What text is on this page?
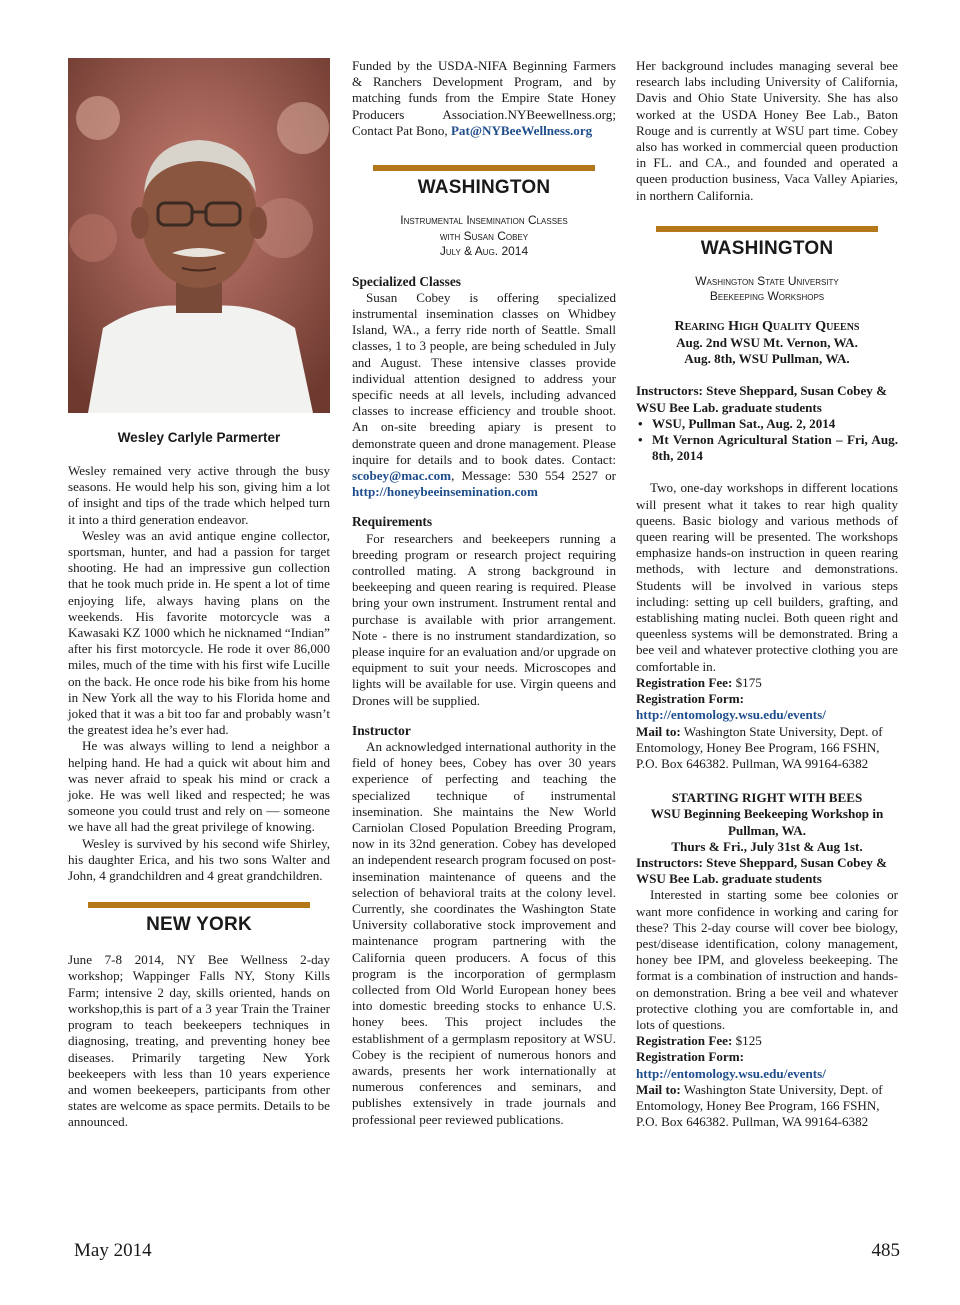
Wesley Carlyle Parmerter

Wesley remained very active through the busy seasons. He would help his son, giving him a lot of insight and tips of the trade which helped turn it into a third generation endeavor.

Wesley was an avid antique engine collector, sportsman, hunter, and had a passion for target shooting. He had an impressive gun collection that he took much pride in. He spent a lot of time enjoying life, always having plans on the weekends. His favorite motorcycle was a Kawasaki KZ 1000 which he nicknamed “Indian” after his first motorcycle. He rode it over 86,000 miles, much of the time with his first wife Lucille on the back. He once rode his bike from his home in New York all the way to his Florida home and joked that it was a bit too far and probably wasn’t the greatest idea he’s ever had.

He was always willing to lend a neighbor a helping hand. He had a quick wit about him and was never afraid to speak his mind or crack a joke. He was well liked and respected; he was someone you could trust and rely on — someone we have all had the great privilege of knowing.

Wesley is survived by his second wife Shirley, his daughter Erica, and his two sons Walter and John, 4 grandchildren and 4 great grandchildren.

NEW YORK

June 7-8 2014, NY Bee Wellness 2-day workshop; Wappinger Falls NY, Stony Kills Farm; intensive 2 day, skills oriented, hands on workshop,this is part of a 3 year Train the Trainer program to teach beekeepers techniques in diagnosing, treating, and preventing honey bee diseases. Primarily targeting New York beekeepers with less than 10 years experience and women beekeepers, participants from other states are welcome as space permits. Details to be announced.

Funded by the USDA-NIFA Beginning Farmers & Ranchers Development Program, and by matching funds from the Empire State Honey Producers Association.NYBeewellness.org; Contact Pat Bono, Pat@NYBeeWellness.org

WASHINGTON
Instrumental Insemination Classes
with Susan Cobey
July & Aug. 2014
Specialized Classes

Susan Cobey is offering specialized instrumental insemination classes on Whidbey Island, WA., a ferry ride north of Seattle. Small classes, 1 to 3 people, are being scheduled in July and August. These intensive classes provide individual attention designed to address your specific needs at all levels, including advanced classes to increase efficiency and trouble shoot. An on-site breeding apiary is present to demonstrate queen and drone management. Please inquire for details and to book dates. Contact: scobey@mac.com, Message: 530 554 2527 or http://honeybeeinsemination.com

Requirements

For researchers and beekeepers running a breeding program or research project requiring controlled mating. A strong background in beekeeping and queen rearing is required. Please bring your own instrument. Instrument rental and purchase is available with prior arrangement. Note - there is no instrument standardization, so please inquire for an evaluation and/or upgrade on equipment to suit your needs. Microscopes and lights will be available for use. Virgin queens and Drones will be supplied.

Instructor

An acknowledged international authority in the field of honey bees, Cobey has over 30 years experience of perfecting and teaching the specialized technique of instrumental insemination. She maintains the New World Carniolan Closed Population Breeding Program, now in its 32nd generation. Cobey has developed an independent research program focused on post-insemination maintenance of queens and the selection of behavioral traits at the colony level. Currently, she coordinates the Washington State University collaborative stock improvement and maintenance program partnering with the California queen producers. A focus of this program is the incorporation of germplasm collected from Old World European honey bees into domestic breeding stocks to enhance U.S. honey bees. This project includes the establishment of a germplasm repository at WSU. Cobey is the recipient of numerous honors and awards, presents her work internationally at numerous conferences and seminars, and publishes extensively in trade journals and professional peer reviewed publications.

Her background includes managing several bee research labs including University of California, Davis and Ohio State University. She has also worked at the USDA Honey Bee Lab., Baton Rouge and is currently at WSU part time. Cobey also has worked in commercial queen production in FL. and CA., and founded and operated a queen production business, Vaca Valley Apiaries, in northern California.

WASHINGTON
Washington State University
Beekeeping Workshops
Rearing High Quality Queens
Aug. 2nd WSU Mt. Vernon, WA.
Aug. 8th, WSU Pullman, WA.

Instructors: Steve Sheppard, Susan Cobey & WSU Bee Lab. graduate students

• WSU, Pullman Sat., Aug. 2, 2014
• Mt Vernon Agricultural Station – Fri, Aug. 8th, 2014

Two, one-day workshops in different locations will present what it takes to rear high quality queens. Basic biology and various methods of queen rearing will be presented. The workshops emphasize hands-on instruction in queen rearing methods, with lecture and demonstrations. Students will be involved in various steps including: setting up cell builders, grafting, and establishing mating nuclei. Both queen right and queenless systems will be demonstrated. Bring a bee veil and whatever protective clothing you are comfortable in.

Registration Fee: $175

Registration Form: http://entomology.wsu.edu/events/

Mail to: Washington State University, Dept. of Entomology, Honey Bee Program, 166 FSHN, P.O. Box 646382. Pullman, WA 99164-6382

STARTING RIGHT WITH BEES
WSU Beginning Beekeeping Workshop in Pullman, WA.
Thurs & Fri., July 31st & Aug 1st.

Instructors: Steve Sheppard, Susan Cobey & WSU Bee Lab. graduate students

Interested in starting some bee colonies or want more confidence in working and caring for these? This 2-day course will cover bee biology, pest/disease identification, colony management, honey bee IPM, and gloveless beekeeping. The format is a combination of instruction and hands-on demonstration. Bring a bee veil and whatever protective clothing you are comfortable in, and lots of questions.

Registration Fee: $125

Registration Form: http://entomology.wsu.edu/events/

Mail to: Washington State University, Dept. of Entomology, Honey Bee Program, 166 FSHN, P.O. Box 646382. Pullman, WA 99164-6382

May 2014	485
